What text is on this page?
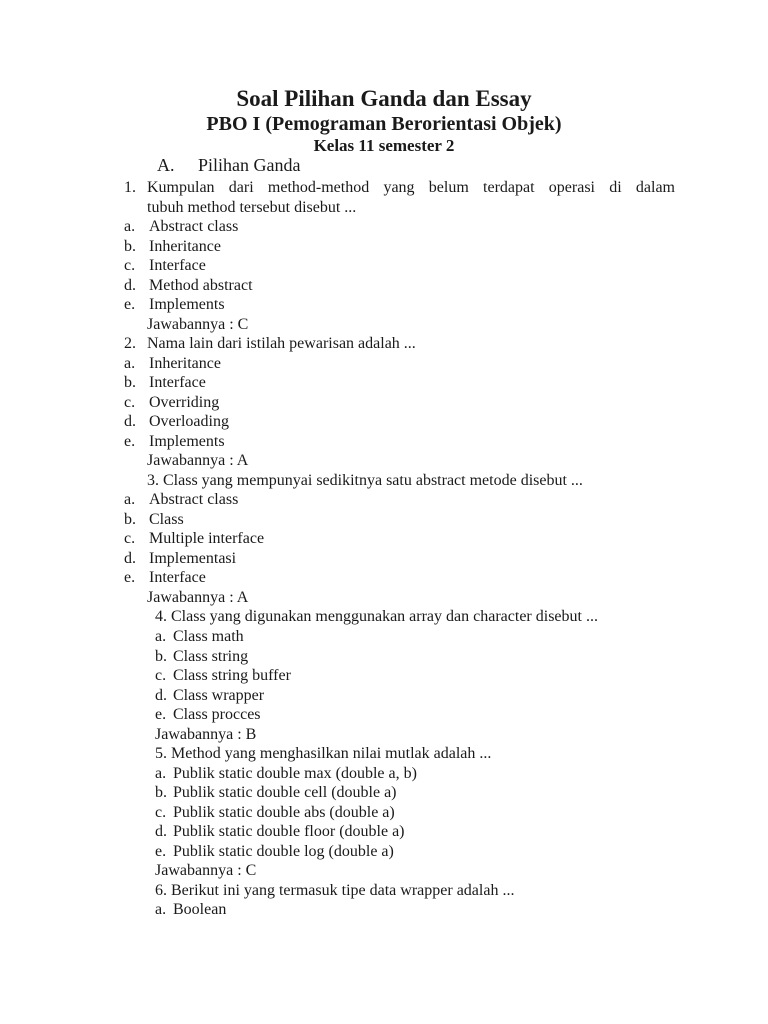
Soal Pilihan Ganda dan Essay
PBO I (Pemograman Berorientasi Objek)
Kelas 11 semester 2
A. Pilihan Ganda
1. Kumpulan dari method-method yang belum terdapat operasi di dalam
tubuh method tersebut disebut ...
a. Abstract class
b. Inheritance
c. Interface
d. Method abstract
e. Implements
Jawabannya : C
2. Nama lain dari istilah pewarisan adalah ...
a. Inheritance
b. Interface
c. Overriding
d. Overloading
e. Implements
Jawabannya : A
3. Class yang mempunyai sedikitnya satu abstract metode disebut ...
a. Abstract class
b. Class
c. Multiple interface
d. Implementasi
e. Interface
Jawabannya : A
4. Class yang digunakan menggunakan array dan character disebut ...
a. Class math
b. Class string
c. Class string buffer
d. Class wrapper
e. Class procces
Jawabannya : B
5. Method yang menghasilkan nilai mutlak adalah ...
a. Publik static double max (double a, b)
b. Publik static double cell (double a)
c. Publik static double abs (double a)
d. Publik static double floor (double a)
e. Publik static double log (double a)
Jawabannya : C
6. Berikut ini yang termasuk tipe data wrapper adalah ...
a. Boolean
